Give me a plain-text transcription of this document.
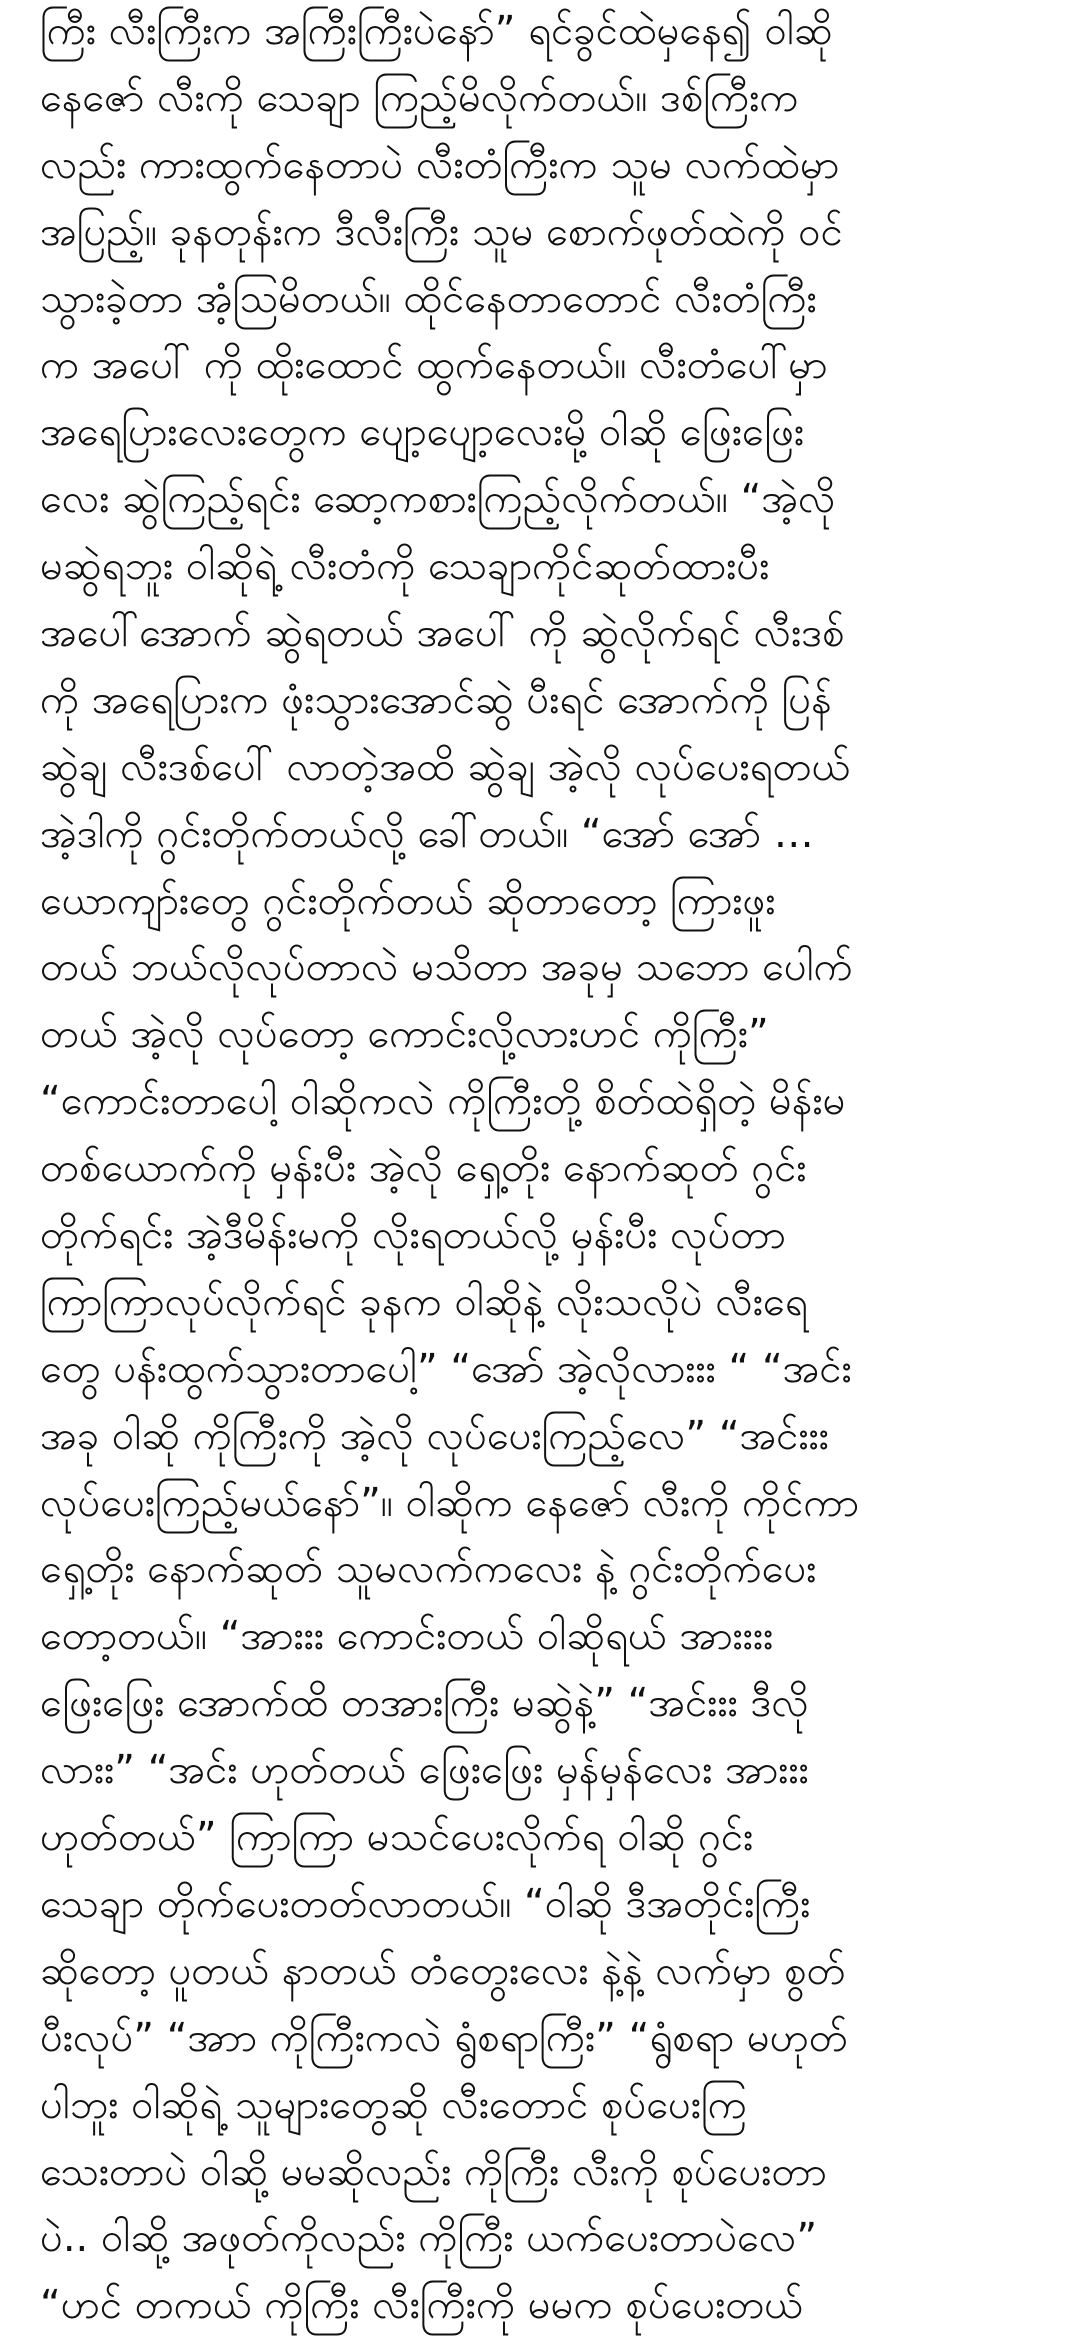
ကြီး လီးကြီးက အကြီးကြီးပဲနော်” ရင်ခွင်ထဲမှနေ၍ ဝါဆို
နေဇော် လီးကို သေချာ ကြည့်မိလိုက်တယ်။ ဒစ်ကြီးက
လည်း ကားထွက်နေတာပဲ လီးတံကြီးက သူမ လက်ထဲမှာ
အပြည့်။ ခုနတုန်းက ဒီလီးကြီး သူမ စောက်ဖုတ်ထဲကို ဝင်
သွားခဲ့တာ အံ့သြမိတယ်။ ထိုင်နေတာတောင် လီးတံကြီး
က အပေါ် ကို ထိုးထောင် ထွက်နေတယ်။ လီးတံပေါ်မှာ
အရေပြားလေးတွေက ပျော့ပျော့လေးမို့ ဝါဆို ဖြေးဖြေး
လေး ဆွဲကြည့်ရင်း ဆော့ကစားကြည့်လိုက်တယ်။ “အဲ့လို
မဆွဲရဘူး ဝါဆိုရဲ့ လီးတံကို သေချာကိုင်ဆုတ်ထားပီး
အပေါ်အောက် ဆွဲရတယ် အပေါ် ကို ဆွဲလိုက်ရင် လီးဒစ်
ကို အရေပြားက ဖုံးသွားအောင်ဆွဲ ပီးရင် အောက်ကို ပြန်
ဆွဲချ လီးဒစ်ပေါ် လာတဲ့အထိ ဆွဲချ အဲ့လို လုပ်ပေးရတယ်
အဲ့ဒါကို ဂွင်းတိုက်တယ်လို့ ခေါ်တယ်။ “အော် အော် …
ယောကျာ်းတွေ ဂွင်းတိုက်တယ် ဆိုတာတော့ ကြားဖူး
တယ် ဘယ်လိုလုပ်တာလဲ မသိတာ အခုမှ သဘော ပေါက်
တယ် အဲ့လို လုပ်တော့ ကောင်းလို့လားဟင် ကိုကြီး”
“ကောင်းတာပေါ့ ဝါဆိုကလဲ ကိုကြီးတို့ စိတ်ထဲရှိတဲ့ မိန်းမ
တစ်ယောက်ကို မှန်းပီး အဲ့လို ရှေ့တိုး နောက်ဆုတ် ဂွင်း
တိုက်ရင်း အဲ့ဒီမိန်းမကို လိုးရတယ်လို့ မှန်းပီး လုပ်တာ
ကြာကြာလုပ်လိုက်ရင် ခုနက ဝါဆိုနဲ့ လိုးသလိုပဲ လီးရေ
တွေ ပန်းထွက်သွားတာပေါ့” “အော် အဲ့လိုလားးး “ “အင်း
အခု ဝါဆို ကိုကြီးကို အဲ့လို လုပ်ပေးကြည့်လေ” “အင်းးး
လုပ်ပေးကြည့်မယ်နော်”။ ဝါဆိုက နေဇော် လီးကို ကိုင်ကာ
ရှေ့တိုး နောက်ဆုတ် သူမလက်ကလေး နဲ့ ဂွင်းတိုက်ပေး
တော့တယ်။ “အားးး ကောင်းတယ် ဝါဆိုရယ် အားးးး
ဖြေးဖြေး အောက်ထိ တအားကြီး မဆွဲနဲ့” “အင်းးး ဒီလို
လားး” “အင်း ဟုတ်တယ် ဖြေးဖြေး မှန်မှန်လေး အားးး
ဟုတ်တယ်” ကြာကြာ မသင်ပေးလိုက်ရ ဝါဆို ဂွင်း
သေချာ တိုက်ပေးတတ်လာတယ်။ “ဝါဆို ဒီအတိုင်းကြီး
ဆိုတော့ ပူတယ် နာတယ် တံတွေးလေး နဲ့နဲ့ လက်မှာ စွတ်
ပီးလုပ်” “အာာ ကိုကြီးကလဲ ရွံစရာကြီး” “ရွံစရာ မဟုတ်
ပါဘူး ဝါဆိုရဲ့ သူများတွေဆို လီးတောင် စုပ်ပေးကြ
သေးတာပဲ ဝါဆို့ မမဆိုလည်း ကိုကြီး လီးကို စုပ်ပေးတာ
ပဲ.. ဝါဆို့ အဖုတ်ကိုလည်း ကိုကြီး ယက်ပေးတာပဲလေ”
“ဟင် တကယ် ကိုကြီး လီးကြီးကို မမက စုပ်ပေးတယ်
